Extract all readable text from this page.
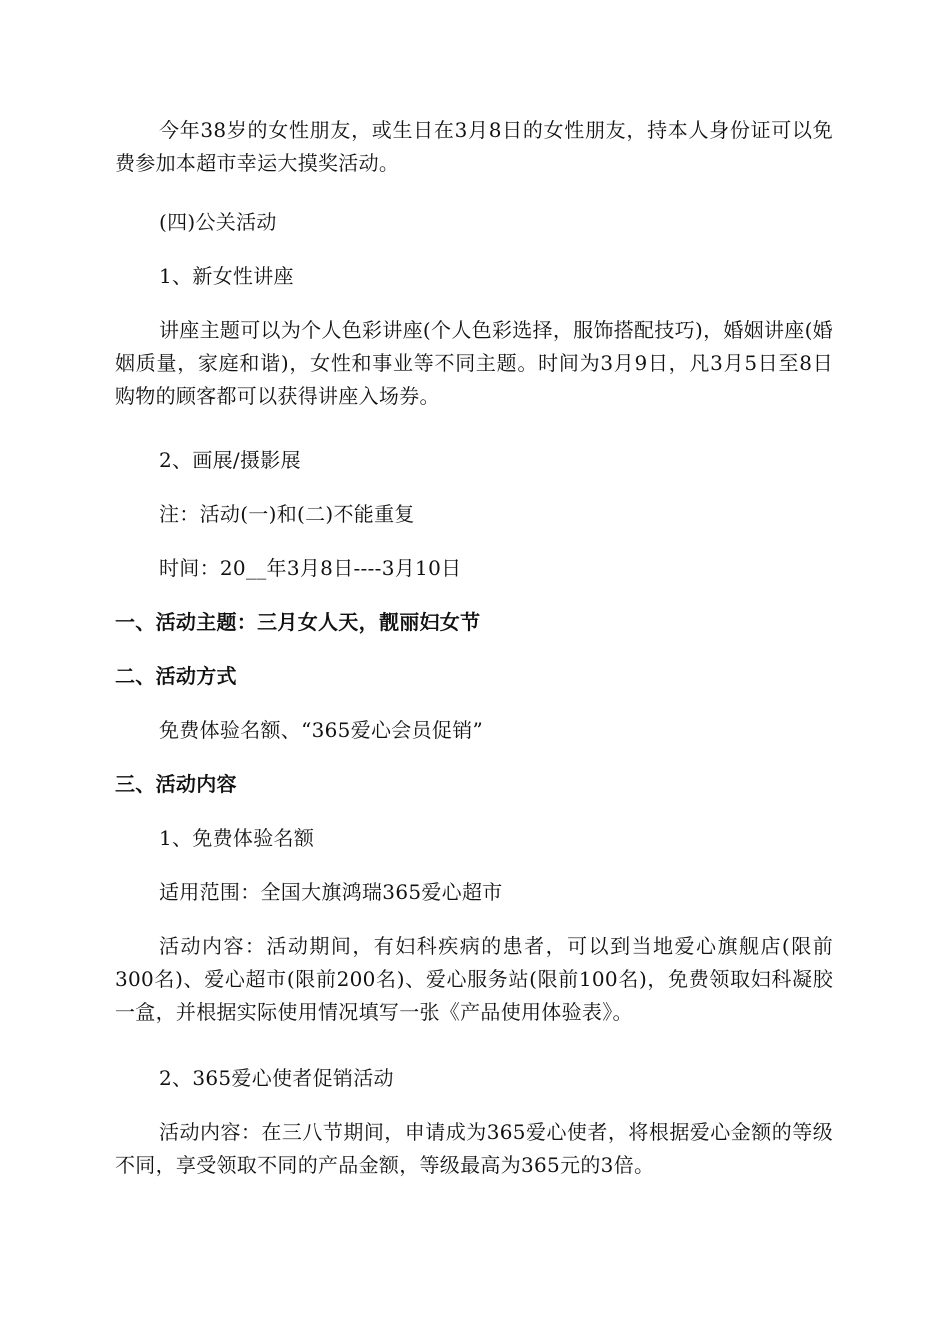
今年38岁的女性朋友，或生日在3月8日的女性朋友，持本人身份证可以免费参加本超市幸运大摸奖活动。

(四)公关活动

1、新女性讲座

讲座主题可以为个人色彩讲座(个人色彩选择，服饰搭配技巧)，婚姻讲座(婚姻质量，家庭和谐)，女性和事业等不同主题。时间为3月9日，凡3月5日至8日购物的顾客都可以获得讲座入场券。

2、画展/摄影展

注：活动(一)和(二)不能重复

时间：20__年3月8日----3月10日

一、活动主题：三月女人天，靓丽妇女节

二、活动方式

免费体验名额、“365爱心会员促销”

三、活动内容

1、免费体验名额

适用范围：全国大旗鸿瑞365爱心超市

活动内容：活动期间，有妇科疾病的患者，可以到当地爱心旗舰店(限前300名)、爱心超市(限前200名)、爱心服务站(限前100名)，免费领取妇科凝胶一盒，并根据实际使用情况填写一张《产品使用体验表》。

2、365爱心使者促销活动

活动内容：在三八节期间，申请成为365爱心使者，将根据爱心金额的等级不同，享受领取不同的产品金额，等级最高为365元的3倍。
